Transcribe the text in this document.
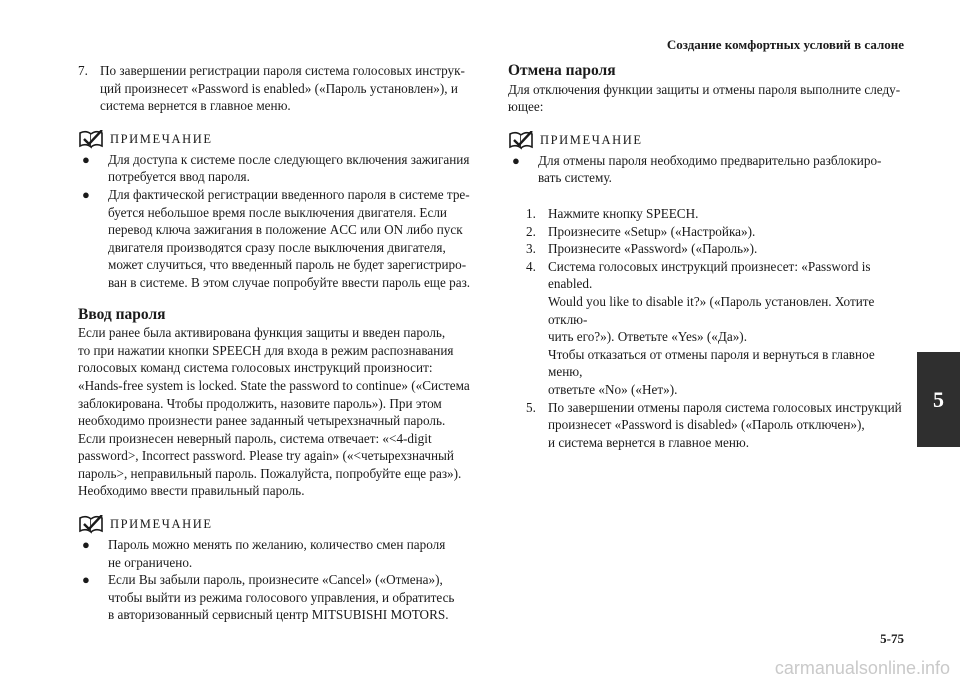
Создание комфортных условий в салоне
7. По завершении регистрации пароля система голосовых инструк-
ций произнесет «Password is enabled» («Пароль установлен»), и
система вернется в главное меню.
ПРИМЕЧАНИЕ
●	Для доступа к системе после следующего включения зажигания
потребуется ввод пароля.
●	Для фактической регистрации введенного пароля в системе тре-
буется небольшое время после выключения двигателя. Если
перевод ключа зажигания в положение ACC или ON либо пуск
двигателя производятся сразу после выключения двигателя,
может случиться, что введенный пароль не будет зарегистриро-
ван в системе. В этом случае попробуйте ввести пароль еще раз.
Ввод пароля
Если ранее была активирована функция защиты и введен пароль,
то при нажатии кнопки SPEECH для входа в режим распознавания
голосовых команд система голосовых инструкций произносит:
«Hands-free system is locked. State the password to continue» («Система
заблокирована. Чтобы продолжить, назовите пароль»). При этом
необходимо произнести ранее заданный четырехзначный пароль.
Если произнесен неверный пароль, система отвечает: «<4-digit
password>, Incorrect password. Please try again» («<четырехзначный
пароль>, неправильный пароль. Пожалуйста, попробуйте еще раз»).
Необходимо ввести правильный пароль.
ПРИМЕЧАНИЕ
●	Пароль можно менять по желанию, количество смен пароля
не ограничено.
●	Если Вы забыли пароль, произнесите «Cancel» («Отмена»),
чтобы выйти из режима голосового управления, и обратитесь
в авторизованный сервисный центр MITSUBISHI MOTORS.
Отмена пароля
Для отключения функции защиты и отмены пароля выполните следу-
ющее:
ПРИМЕЧАНИЕ
●	Для отмены пароля необходимо предварительно разблокиро-
вать систему.
1. Нажмите кнопку SPEECH.
2. Произнесите «Setup» («Настройка»).
3. Произнесите «Password» («Пароль»).
4. Система голосовых инструкций произнесет: «Password is enabled.
Would you like to disable it?» («Пароль установлен. Хотите отклю-
чить его?»). Ответьте «Yes» («Да»).
Чтобы отказаться от отмены пароля и вернуться в главное меню,
ответьте «No» («Нет»).
5. По завершении отмены пароля система голосовых инструкций
произнесет «Password is disabled» («Пароль отключен»),
и система вернется в главное меню.
5
5-75
carmanualsonline.info
